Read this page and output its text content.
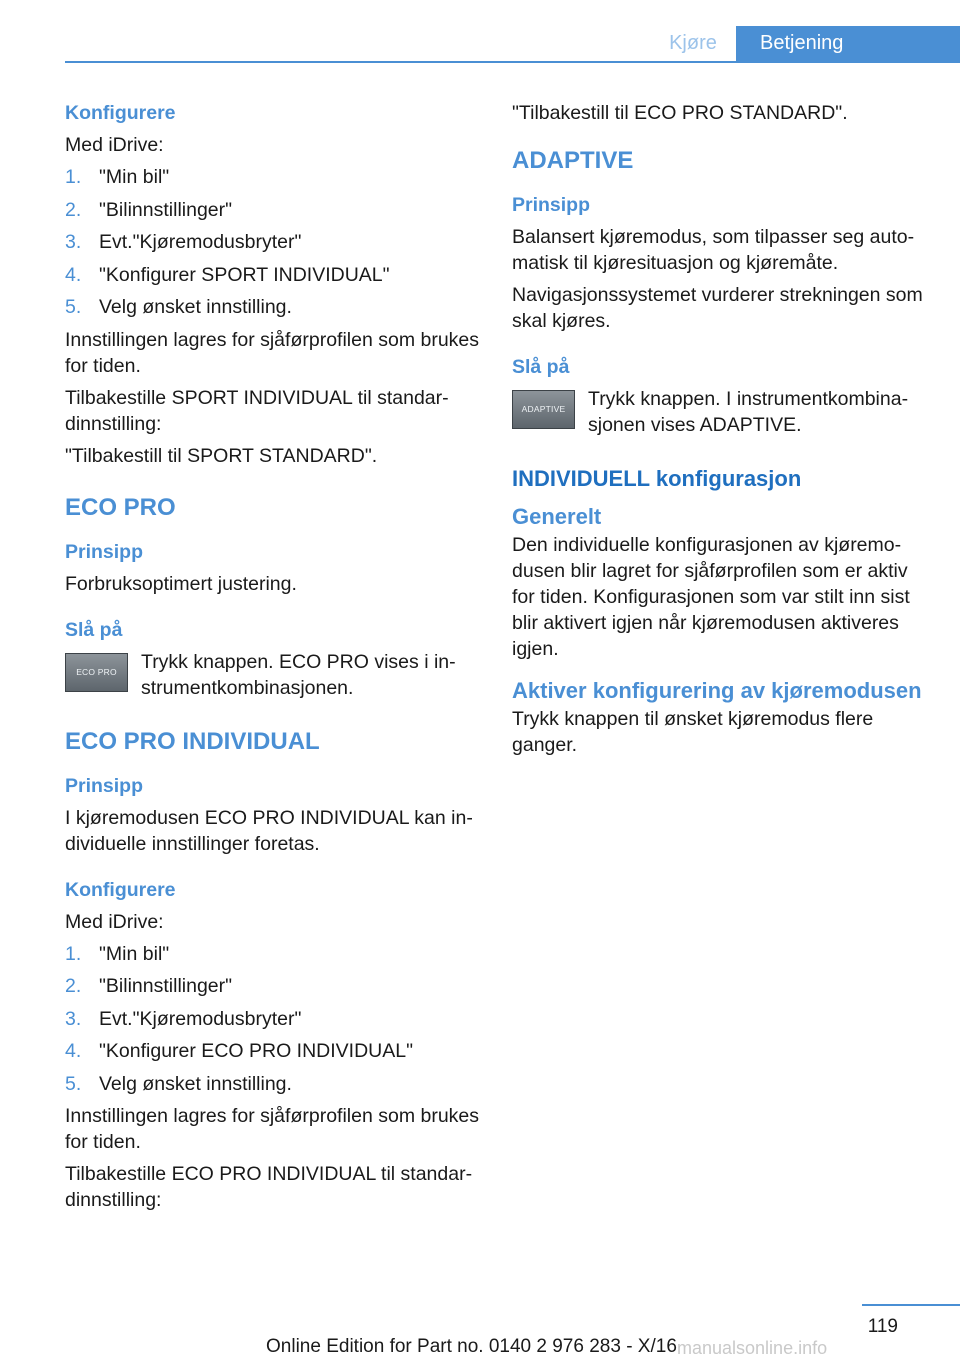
Kjøre	Betjening
Konfigurere
Med iDrive:
1. "Min bil"
2. "Bilinnstillinger"
3. Evt."Kjøremodusbryter"
4. "Konfigurer SPORT INDIVIDUAL"
5. Velg ønsket innstilling.
Innstillingen lagres for sjåførprofilen som brukes for tiden.
Tilbakestille SPORT INDIVIDUAL til standardinnstilling:
"Tilbakestill til SPORT STANDARD".
ECO PRO
Prinsipp
Forbruksoptimert justering.
Slå på
ECO PRO	Trykk knappen. ECO PRO vises i instrumentkombinasjonen.
ECO PRO INDIVIDUAL
Prinsipp
I kjøremodusen ECO PRO INDIVIDUAL kan individuelle innstillinger foretas.
Konfigurere
Med iDrive:
1. "Min bil"
2. "Bilinnstillinger"
3. Evt."Kjøremodusbryter"
4. "Konfigurer ECO PRO INDIVIDUAL"
5. Velg ønsket innstilling.
Innstillingen lagres for sjåførprofilen som brukes for tiden.
Tilbakestille ECO PRO INDIVIDUAL til standardinnstilling:
"Tilbakestill til ECO PRO STANDARD".
ADAPTIVE
Prinsipp
Balansert kjøremodus, som tilpasser seg automatisk til kjøresituasjon og kjøremåte.
Navigasjonssystemet vurderer strekningen som skal kjøres.
Slå på
ADAPTIVE	Trykk knappen. I instrumentkombinasjonen vises ADAPTIVE.
INDIVIDUELL konfigurasjon
Generelt
Den individuelle konfigurasjonen av kjøremodusen blir lagret for sjåførprofilen som er aktiv for tiden. Konfigurasjonen som var stilt inn sist blir aktivert igjen når kjøremodusen aktiveres igjen.
Aktiver konfigurering av kjøremodusen
Trykk knappen til ønsket kjøremodus flere ganger.
119
Online Edition for Part no. 0140 2 976 283 - X/16 manualsonline.info
